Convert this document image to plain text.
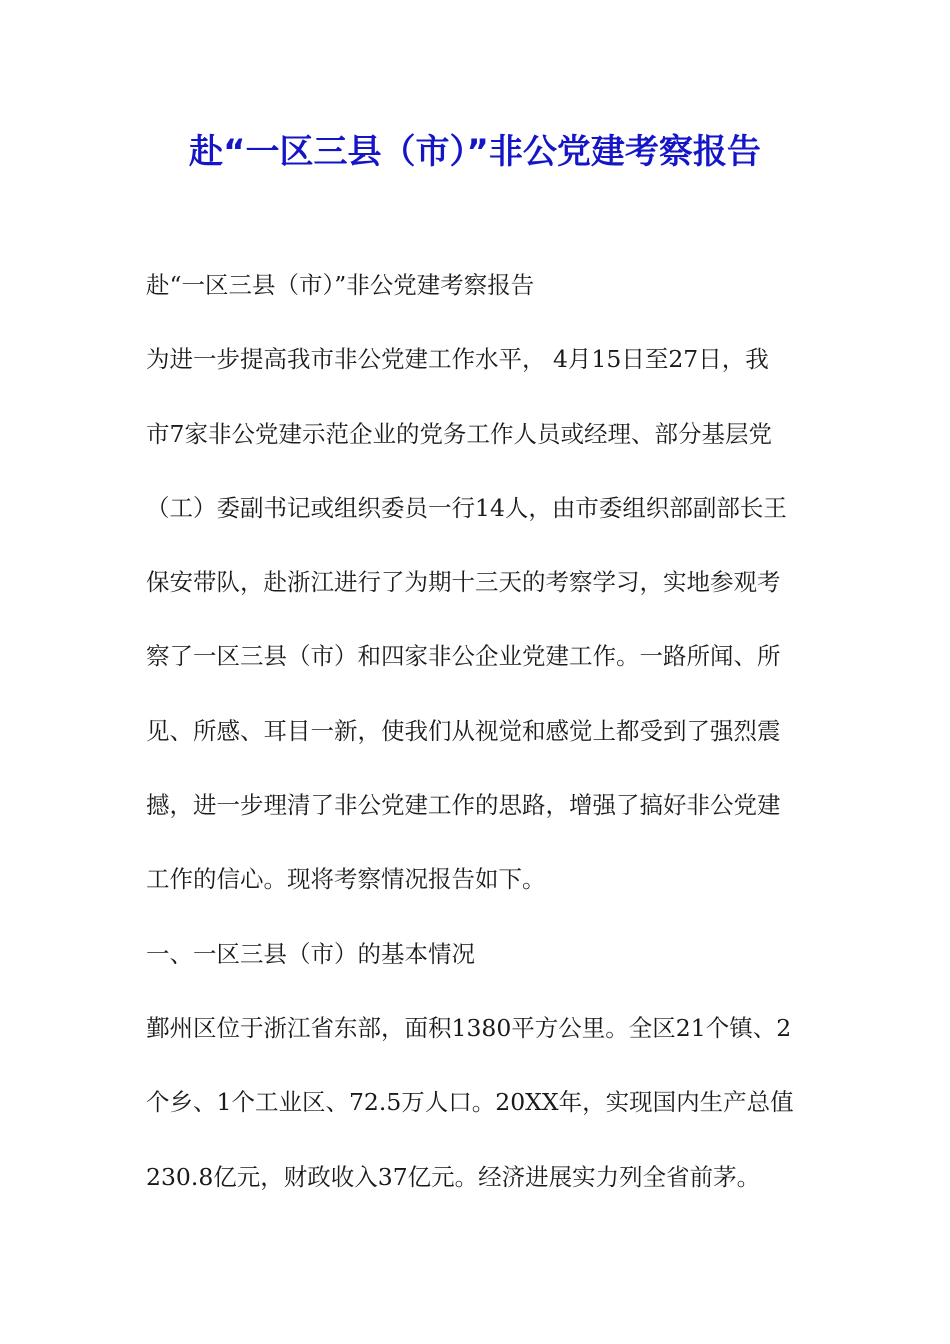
赴“一区三县（市）”非公党建考察报告
赴“一区三县（市）”非公党建考察报告
为进一步提高我市非公党建工作水平， 4月15日至27日，我
市7家非公党建示范企业的党务工作人员或经理、部分基层党
（工）委副书记或组织委员一行14人，由市委组织部副部长王
保安带队，赴浙江进行了为期十三天的考察学习，实地参观考
察了一区三县（市）和四家非公企业党建工作。一路所闻、所
见、所感、耳目一新，使我们从视觉和感觉上都受到了强烈震
撼，进一步理清了非公党建工作的思路，增强了搞好非公党建
工作的信心。现将考察情况报告如下。
一、一区三县（市）的基本情况
鄞州区位于浙江省东部，面积1380平方公里。全区21个镇、2
个乡、1个工业区、72.5万人口。20XX年，实现国内生产总值
230.8亿元，财政收入37亿元。经济进展实力列全省前茅。
